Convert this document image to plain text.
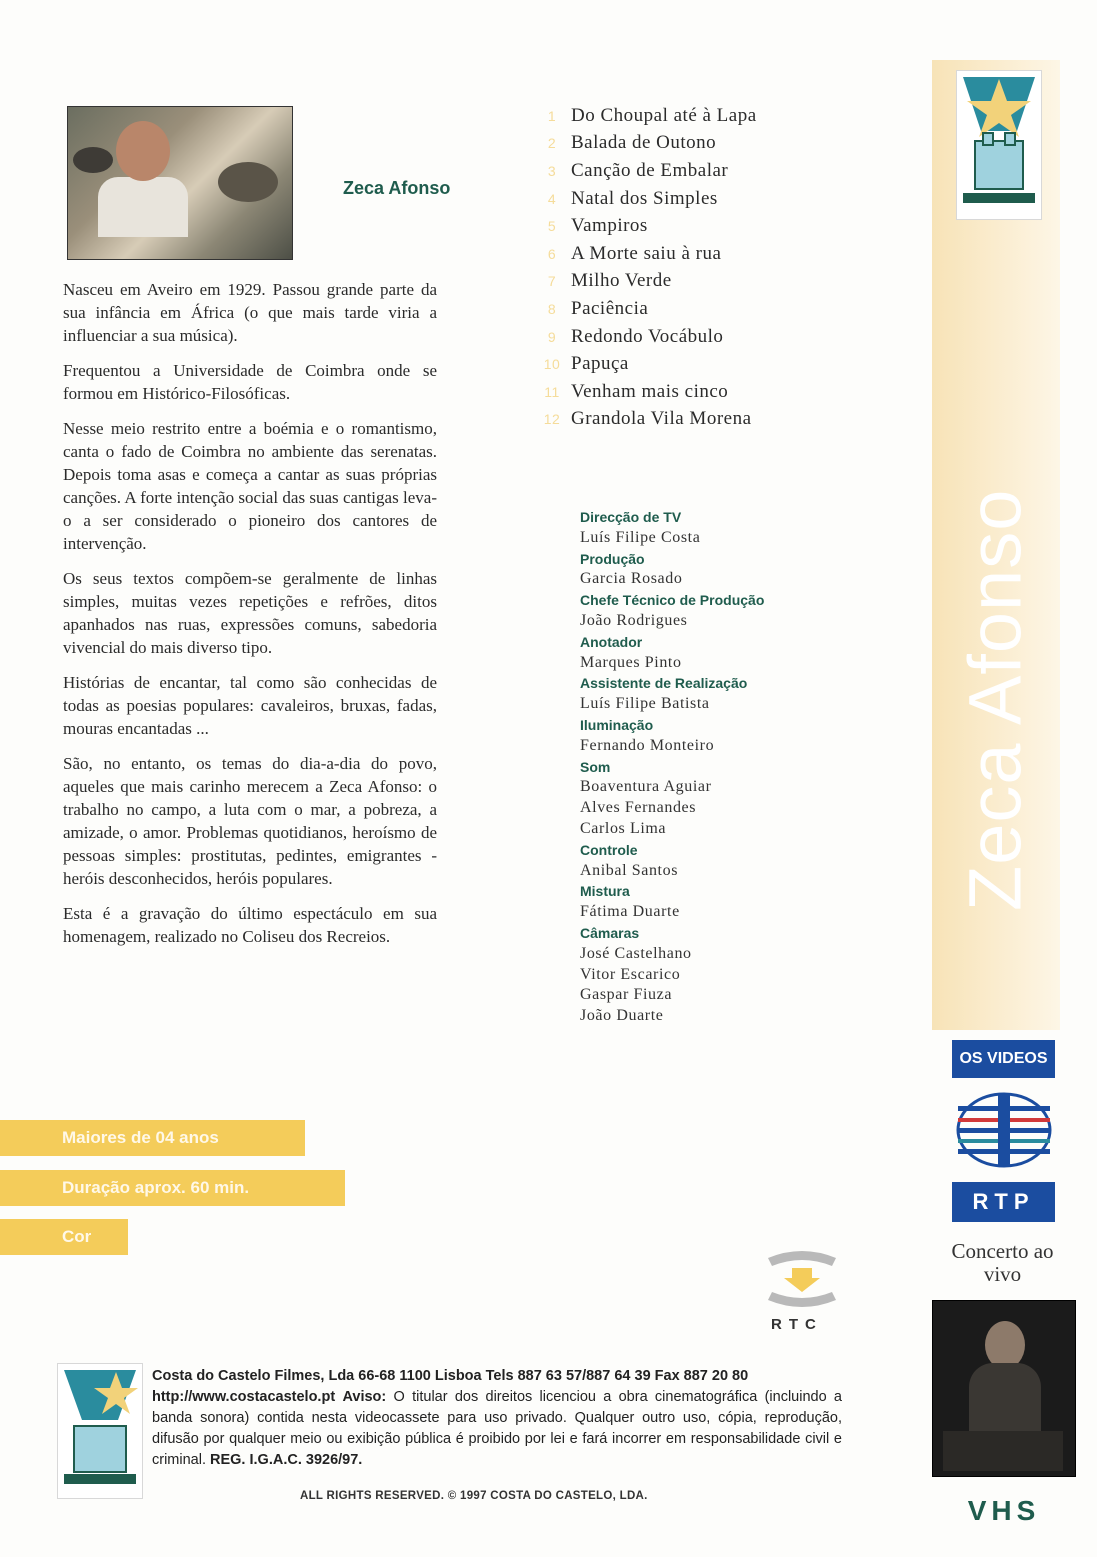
Zeca Afonso

Nasceu em Aveiro em 1929. Passou grande parte da sua infância em África (o que mais tarde viria a influenciar a sua música).

Frequentou a Universidade de Coimbra onde se formou em Histórico-Filosóficas.

Nesse meio restrito entre a boémia e o romantismo, canta o fado de Coimbra no ambiente das serenatas. Depois toma asas e começa a cantar as suas próprias canções. A forte intenção social das suas cantigas leva-o a ser considerado o pioneiro dos cantores de intervenção.

Os seus textos compõem-se geralmente de linhas simples, muitas vezes repetições e refrões, ditos apanhados nas ruas, expressões comuns, sabedoria vivencial do mais diverso tipo.

Histórias de encantar, tal como são conhecidas de todas as poesias populares: cavaleiros, bruxas, fadas, mouras encantadas ...

São, no entanto, os temas do dia-a-dia do povo, aqueles que mais carinho merecem a Zeca Afonso: o trabalho no campo, a luta com o mar, a pobreza, a amizade, o amor. Problemas quotidianos, heroísmo de pessoas simples: prostitutas, pedintes, emigrantes - heróis desconhecidos, heróis populares.

Esta é a gravação do último espectáculo em sua homenagem, realizado no Coliseu dos Recreios.

1 Do Choupal até à Lapa
2 Balada de Outono
3 Canção de Embalar
4 Natal dos Simples
5 Vampiros
6 A Morte saiu à rua
7 Milho Verde
8 Paciência
9 Redondo Vocábulo
10 Papuça
11 Venham mais cinco
12 Grandola Vila Morena
Direcção de TV
Luís Filipe Costa
Produção
Garcia Rosado
Chefe Técnico de Produção
João Rodrigues
Anotador
Marques Pinto
Assistente de Realização
Luís Filipe Batista
Iluminação
Fernando Monteiro
Som
Boaventura Aguiar
Alves Fernandes
Carlos Lima
Controle
Anibal Santos
Mistura
Fátima Duarte
Câmaras
José Castelhano
Vitor Escarico
Gaspar Fiuza
João Duarte
Maiores de 04 anos
Duração aprox. 60 min.
Cor
Zeca Afonso
OS VIDEOS
RTP
Concerto ao vivo
VHS
RTC
Costa do Castelo Filmes, Lda 66-68 1100 Lisboa Tels 887 63 57/887 64 39 Fax 887 20 80
http://www.costacastelo.pt Aviso: O titular dos direitos licenciou a obra cinematográfica (incluindo a banda sonora) contida nesta videocassete para uso privado. Qualquer outro uso, cópia, reprodução, difusão por qualquer meio ou exibição pública é proibido por lei e fará incorrer em responsabilidade civil e criminal. REG. I.G.A.C. 3926/97.
ALL RIGHTS RESERVED. © 1997 COSTA DO CASTELO, LDA.
